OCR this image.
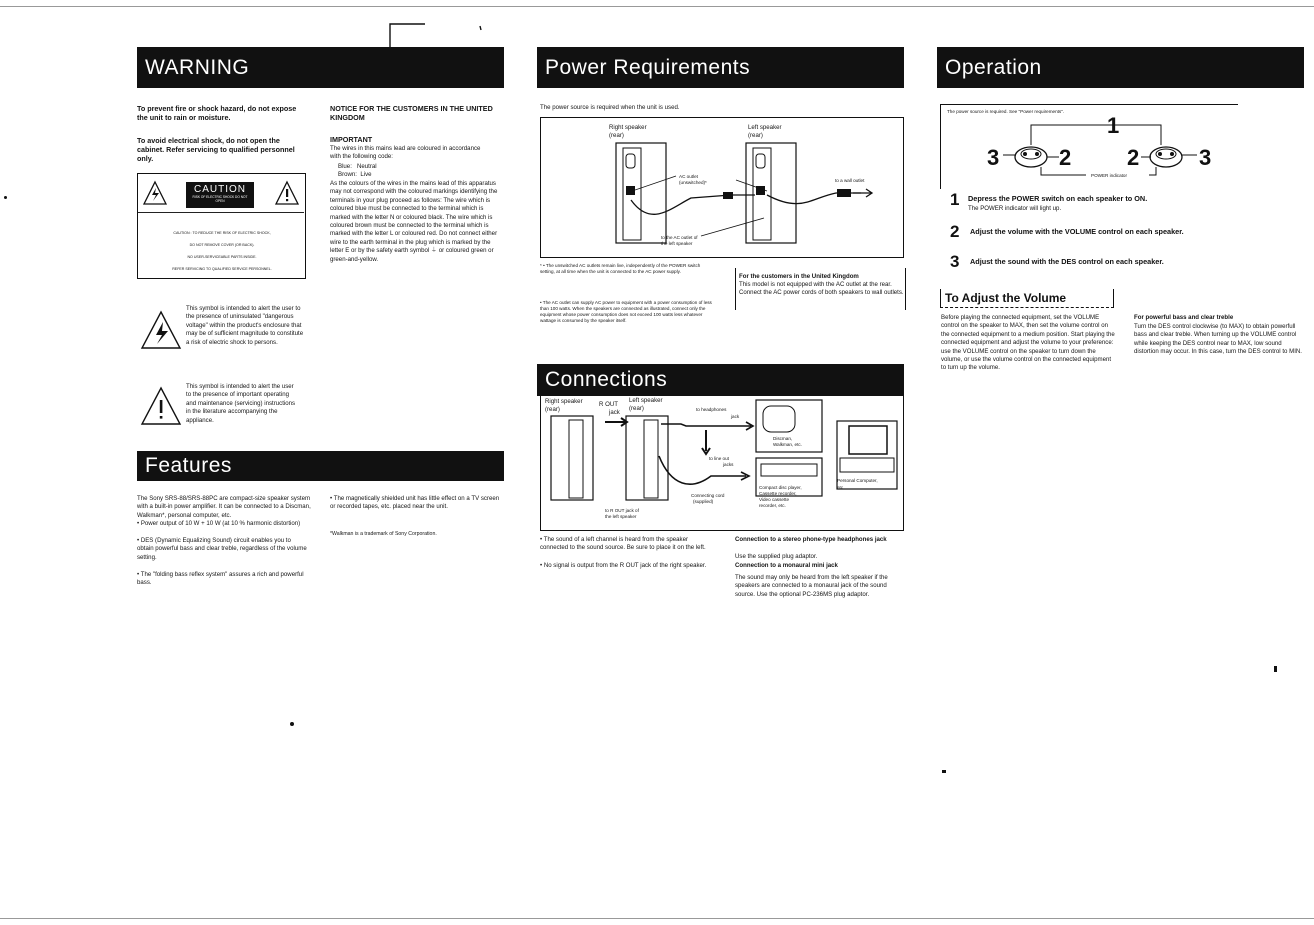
WARNING
To prevent fire or shock hazard, do not expose the unit to rain or moisture.
To avoid electrical shock, do not open the cabinet. Refer servicing to qualified personnel only.
CAUTION
RISK OF ELECTRIC SHOCK DO NOT OPEN
CAUTION : TO REDUCE THE RISK OF ELECTRIC SHOCK,
DO NOT REMOVE COVER (OR BACK).
NO USER-SERVICEABLE PARTS INSIDE.
REFER SERVICING TO QUALIFIED SERVICE PERSONNEL.
This symbol is intended to alert the user to the presence of uninsulated "dangerous voltage" within the product's enclosure that may be of sufficient magnitude to constitute a risk of electric shock to persons.
This symbol is intended to alert the user to the presence of important operating and maintenance (servicing) instructions in the literature accompanying the appliance.
NOTICE FOR THE CUSTOMERS IN THE UNITED KINGDOM
IMPORTANT
The wires in this mains lead are coloured in accordance with the following code:
Blue:   Neutral
Brown:  Live
As the colours of the wires in the mains lead of this apparatus may not correspond with the coloured markings identifying the terminals in your plug proceed as follows: The wire which is coloured blue must be connected to the terminal which is marked with the letter N or coloured black. The wire which is coloured brown must be connected to the terminal which is marked with the letter L or coloured red. Do not connect either wire to the earth terminal in the plug which is marked by the letter E or by the safety earth symbol ⏚ or coloured green or green-and-yellow.
Features
The Sony SRS-88/SRS-88PC are compact-size speaker system with a built-in power amplifier. It can be connected to a Discman, Walkman*, personal computer, etc.
• Power output of 10 W + 10 W (at 10 % harmonic distortion)
• DES (Dynamic Equalizing Sound) circuit enables you to obtain powerful bass and clear treble, regardless of the volume setting.
• The "folding bass reflex system" assures a rich and powerful bass.
• The magnetically shielded unit has little effect on a TV screen or recorded tapes, etc. placed near the unit.
*Walkman is a trademark of Sony Corporation.
Power Requirements
The power source is required when the unit is used.
Right speaker
(rear)
Left speaker
(rear)
AC outlet
(unswitched)*	to a wall outlet
to the AC outlet of
the left speaker
* • The unswitched AC outlets remain live, independently of the POWER switch setting, at all time when the unit is connected to the AC power supply.
• The AC outlet can supply AC power to equipment with a power consumption of less than 100 watts. When the speakers are connected as illustrated, connect only the equipment whose power consumption does not exceed 100 watts less whatever wattage is consumed by the speaker itself.
For the customers in the United Kingdom
This model is not equipped with the AC outlet at the rear. Connect the AC power cords of both speakers to wall outlets.
Connections
Right speaker
(rear)
R OUT
jack
Left speaker
(rear)	to headphones
jack
to line out
jacks
to R OUT jack of
the left speaker
Connecting cord
(supplied)
Discman,
Walkman, etc.
Compact disc player,
Cassette recorder,
Video cassette
recorder, etc.
Personal Computer,
etc.
• The sound of a left channel is heard from the speaker connected to the sound source. Be sure to place it on the left.
• No signal is output from the R OUT jack of the right speaker.
Connection to a stereo phone-type headphones jack
Use the supplied plug adaptor.
Connection to a monaural mini jack
The sound may only be heard from the left speaker if the speakers are connected to a monaural jack of the sound source. Use the optional PC-236MS plug adaptor.
Operation
The power source is required. See "Power requirements".
1
3	2	2	3
POWER indicator
1 Depress the POWER switch on each speaker to ON.
The POWER indicator will light up.
2 Adjust the volume with the VOLUME control on each speaker.
3 Adjust the sound with the DES control on each speaker.
To Adjust the Volume
Before playing the connected equipment, set the VOLUME control on the speaker to MAX, then set the volume control on the connected equipment to a medium position. Start playing the connected equipment and adjust the volume to your preference: use the VOLUME control on the speaker to turn down the volume, or use the volume control on the connected equipment to turn up the volume.
For powerful bass and clear treble
Turn the DES control clockwise (to MAX) to obtain powerfull bass and clear treble. When turning up the VOLUME control while keeping the DES control near to MAX, low sound distortion may occur. In this case, turn the DES control to MIN.
